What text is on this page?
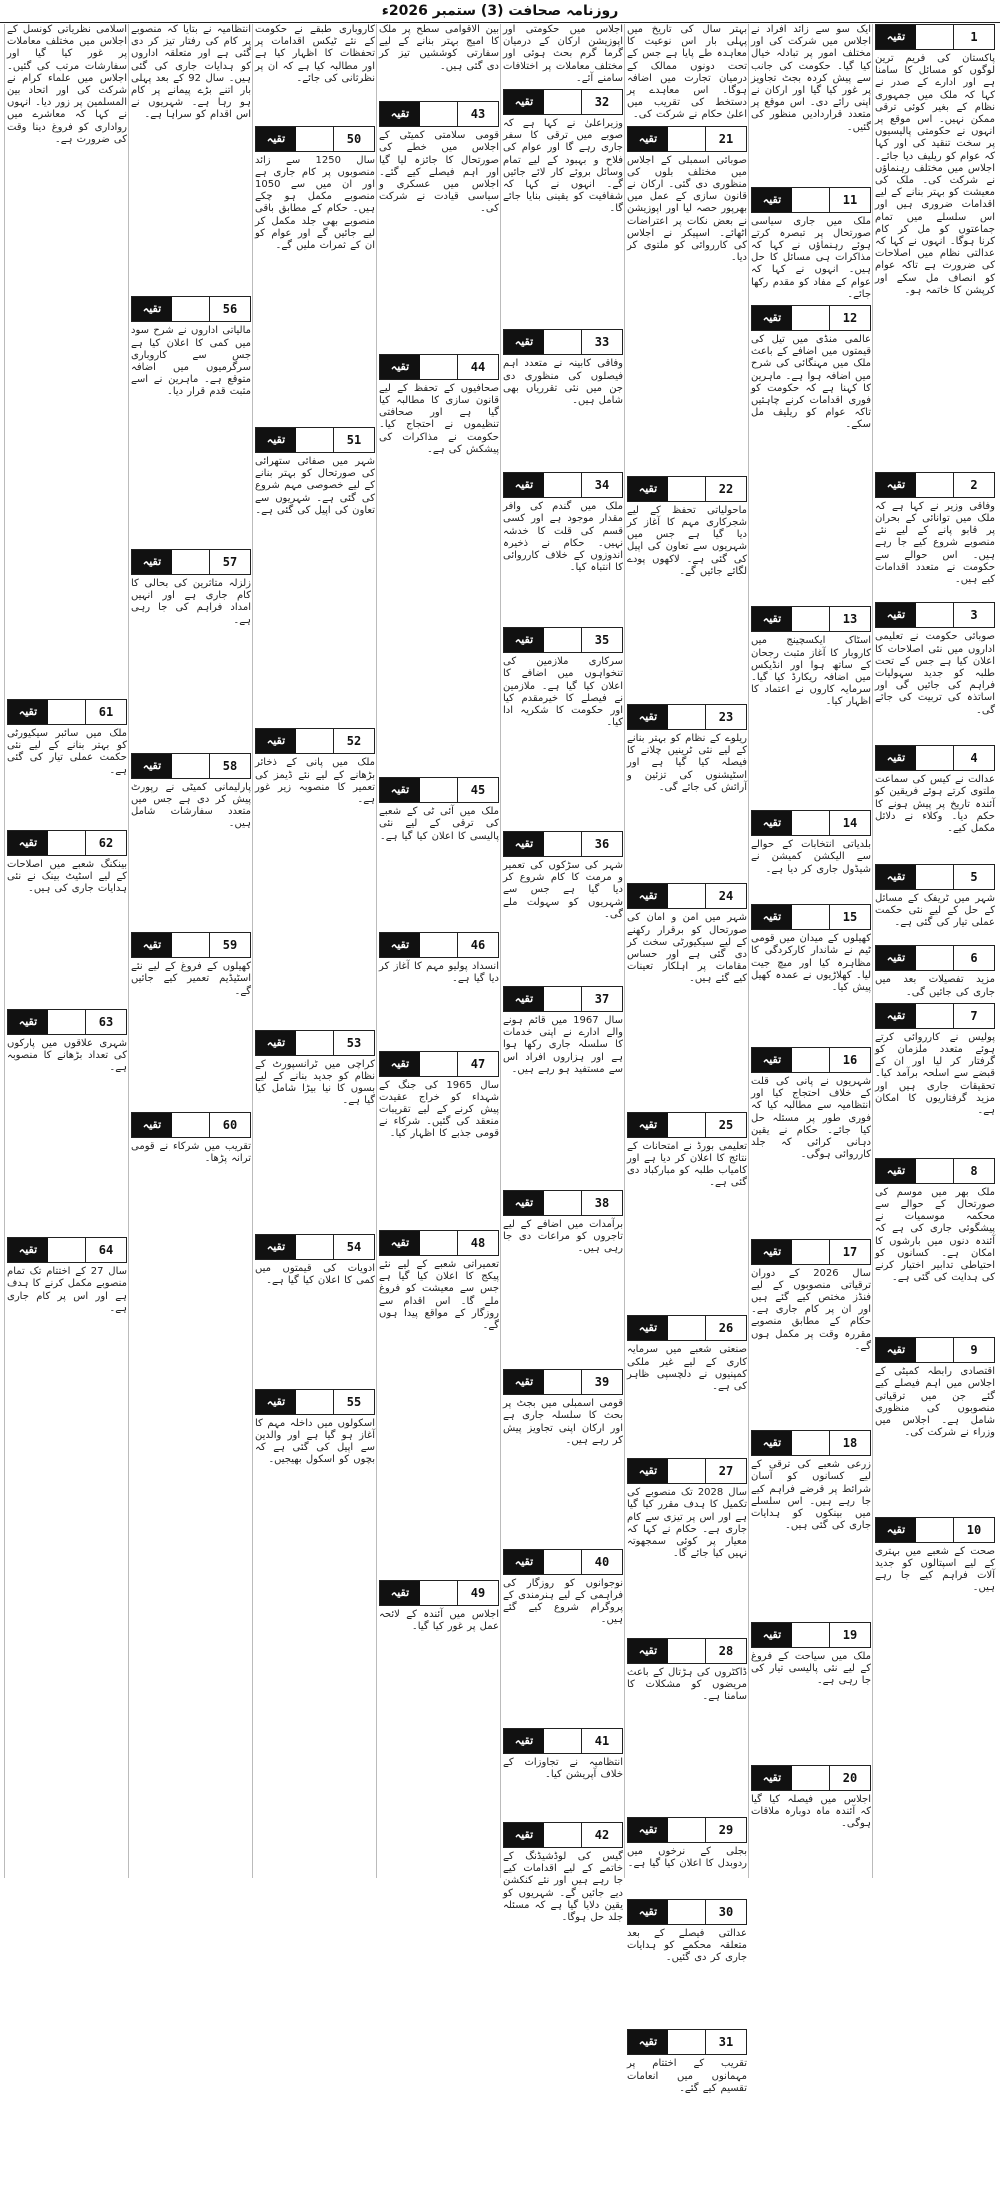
روزنامہ صحافت (3) ستمبر 2026ء
تقیہ	1
پاکستان کی فریم ترین لوگوں کو مسائل کا سامنا ہے اور ادارے کے صدر نے کہا کہ ملک میں جمہوری نظام کے بغیر کوئی ترقی ممکن نہیں۔ اس موقع پر انہوں نے حکومتی پالیسیوں پر سخت تنقید کی اور کہا کہ عوام کو ریلیف دیا جائے۔ اجلاس میں مختلف رہنماؤں نے شرکت کی۔ ملک کی معیشت کو بہتر بنانے کے لیے اقدامات ضروری ہیں اور اس سلسلے میں تمام جماعتوں کو مل کر کام کرنا ہوگا۔ انہوں نے کہا کہ عدالتی نظام میں اصلاحات کی ضرورت ہے تاکہ عوام کو انصاف مل سکے اور کرپشن کا خاتمہ ہو۔
تقیہ	2
وفاقی وزیر نے کہا ہے کہ ملک میں توانائی کے بحران پر قابو پانے کے لیے نئے منصوبے شروع کیے جا رہے ہیں۔ اس حوالے سے حکومت نے متعدد اقدامات کیے ہیں۔
تقیہ	3
صوبائی حکومت نے تعلیمی اداروں میں نئی اصلاحات کا اعلان کیا ہے جس کے تحت طلبہ کو جدید سہولیات فراہم کی جائیں گی اور اساتذہ کی تربیت کی جائے گی۔
تقیہ	4
عدالت نے کیس کی سماعت ملتوی کرتے ہوئے فریقین کو آئندہ تاریخ پر پیش ہونے کا حکم دیا۔ وکلاء نے دلائل مکمل کیے۔
تقیہ	5
شہر میں ٹریفک کے مسائل کے حل کے لیے نئی حکمت عملی تیار کی گئی ہے۔
تقیہ	6
مزید تفصیلات بعد میں جاری کی جائیں گی۔
تقیہ	7
پولیس نے کارروائی کرتے ہوئے متعدد ملزمان کو گرفتار کر لیا اور ان کے قبضے سے اسلحہ برآمد کیا۔ تحقیقات جاری ہیں اور مزید گرفتاریوں کا امکان ہے۔
تقیہ	8
ملک بھر میں موسم کی صورتحال کے حوالے سے محکمہ موسمیات نے پیشگوئی جاری کی ہے کہ آئندہ دنوں میں بارشوں کا امکان ہے۔ کسانوں کو احتیاطی تدابیر اختیار کرنے کی ہدایت کی گئی ہے۔
تقیہ	9
اقتصادی رابطہ کمیٹی کے اجلاس میں اہم فیصلے کیے گئے جن میں ترقیاتی منصوبوں کی منظوری شامل ہے۔ اجلاس میں وزراء نے شرکت کی۔
تقیہ	10
صحت کے شعبے میں بہتری کے لیے اسپتالوں کو جدید آلات فراہم کیے جا رہے ہیں۔
ایک سو سے زائد افراد نے اجلاس میں شرکت کی اور مختلف امور پر تبادلہ خیال کیا گیا۔ حکومت کی جانب سے پیش کردہ بجٹ تجاویز پر غور کیا گیا اور ارکان نے اپنی رائے دی۔ اس موقع پر متعدد قراردادیں منظور کی گئیں۔
تقیہ	11
ملک میں جاری سیاسی صورتحال پر تبصرہ کرتے ہوئے رہنماؤں نے کہا کہ مذاکرات ہی مسائل کا حل ہیں۔ انہوں نے کہا کہ عوام کے مفاد کو مقدم رکھا جائے۔
تقیہ	12
عالمی منڈی میں تیل کی قیمتوں میں اضافے کے باعث ملک میں مہنگائی کی شرح میں اضافہ ہوا ہے۔ ماہرین کا کہنا ہے کہ حکومت کو فوری اقدامات کرنے چاہئیں تاکہ عوام کو ریلیف مل سکے۔
تقیہ	13
اسٹاک ایکسچینج میں کاروبار کا آغاز مثبت رجحان کے ساتھ ہوا اور انڈیکس میں اضافہ ریکارڈ کیا گیا۔ سرمایہ کاروں نے اعتماد کا اظہار کیا۔
تقیہ	14
بلدیاتی انتخابات کے حوالے سے الیکشن کمیشن نے شیڈول جاری کر دیا ہے۔
تقیہ	15
کھیلوں کے میدان میں قومی ٹیم نے شاندار کارکردگی کا مظاہرہ کیا اور میچ جیت لیا۔ کھلاڑیوں نے عمدہ کھیل پیش کیا۔
تقیہ	16
شہریوں نے پانی کی قلت کے خلاف احتجاج کیا اور انتظامیہ سے مطالبہ کیا کہ فوری طور پر مسئلہ حل کیا جائے۔ حکام نے یقین دہانی کرائی کہ جلد کارروائی ہوگی۔
تقیہ	17
سال 2026 کے دوران ترقیاتی منصوبوں کے لیے فنڈز مختص کیے گئے ہیں اور ان پر کام جاری ہے۔ حکام کے مطابق منصوبے مقررہ وقت پر مکمل ہوں گے۔
تقیہ	18
زرعی شعبے کی ترقی کے لیے کسانوں کو آسان شرائط پر قرضے فراہم کیے جا رہے ہیں۔ اس سلسلے میں بینکوں کو ہدایات جاری کی گئی ہیں۔
تقیہ	19
ملک میں سیاحت کے فروغ کے لیے نئی پالیسی تیار کی جا رہی ہے۔
تقیہ	20
اجلاس میں فیصلہ کیا گیا کہ آئندہ ماہ دوبارہ ملاقات ہوگی۔
بہتر سال کی تاریخ میں پہلی بار اس نوعیت کا معاہدہ طے پایا ہے جس کے تحت دونوں ممالک کے درمیان تجارت میں اضافہ ہوگا۔ اس معاہدے پر دستخط کی تقریب میں اعلیٰ حکام نے شرکت کی۔
تقیہ	21
صوبائی اسمبلی کے اجلاس میں مختلف بلوں کی منظوری دی گئی۔ ارکان نے قانون سازی کے عمل میں بھرپور حصہ لیا اور اپوزیشن نے بعض نکات پر اعتراضات اٹھائے۔ اسپیکر نے اجلاس کی کارروائی کو ملتوی کر دیا۔
تقیہ	22
ماحولیاتی تحفظ کے لیے شجرکاری مہم کا آغاز کر دیا گیا ہے جس میں شہریوں سے تعاون کی اپیل کی گئی ہے۔ لاکھوں پودے لگائے جائیں گے۔
تقیہ	23
ریلوے کے نظام کو بہتر بنانے کے لیے نئی ٹرینیں چلانے کا فیصلہ کیا گیا ہے اور اسٹیشنوں کی تزئین و آرائش کی جائے گی۔
تقیہ	24
شہر میں امن و امان کی صورتحال کو برقرار رکھنے کے لیے سیکیورٹی سخت کر دی گئی ہے اور حساس مقامات پر اہلکار تعینات کیے گئے ہیں۔
تقیہ	25
تعلیمی بورڈ نے امتحانات کے نتائج کا اعلان کر دیا ہے اور کامیاب طلبہ کو مبارکباد دی گئی ہے۔
تقیہ	26
صنعتی شعبے میں سرمایہ کاری کے لیے غیر ملکی کمپنیوں نے دلچسپی ظاہر کی ہے۔
تقیہ	27
سال 2028 تک منصوبے کی تکمیل کا ہدف مقرر کیا گیا ہے اور اس پر تیزی سے کام جاری ہے۔ حکام نے کہا کہ معیار پر کوئی سمجھوتہ نہیں کیا جائے گا۔
تقیہ	28
ڈاکٹروں کی ہڑتال کے باعث مریضوں کو مشکلات کا سامنا ہے۔
تقیہ	29
بجلی کے نرخوں میں ردوبدل کا اعلان کیا گیا ہے۔
تقیہ	30
عدالتی فیصلے کے بعد متعلقہ محکمے کو ہدایات جاری کر دی گئیں۔
تقیہ	31
تقریب کے اختتام پر مہمانوں میں انعامات تقسیم کیے گئے۔
اجلاس میں حکومتی اور اپوزیشن ارکان کے درمیان گرما گرم بحث ہوئی اور مختلف معاملات پر اختلافات سامنے آئے۔
تقیہ	32
وزیراعلیٰ نے کہا ہے کہ صوبے میں ترقی کا سفر جاری رہے گا اور عوام کی فلاح و بہبود کے لیے تمام وسائل بروئے کار لائے جائیں گے۔ انہوں نے کہا کہ شفافیت کو یقینی بنایا جائے گا۔
تقیہ	33
وفاقی کابینہ نے متعدد اہم فیصلوں کی منظوری دی جن میں نئی تقرریاں بھی شامل ہیں۔
تقیہ	34
ملک میں گندم کی وافر مقدار موجود ہے اور کسی قسم کی قلت کا خدشہ نہیں۔ حکام نے ذخیرہ اندوزوں کے خلاف کارروائی کا انتباہ کیا۔
تقیہ	35
سرکاری ملازمین کی تنخواہوں میں اضافے کا اعلان کیا گیا ہے۔ ملازمین نے فیصلے کا خیرمقدم کیا اور حکومت کا شکریہ ادا کیا۔
تقیہ	36
شہر کی سڑکوں کی تعمیر و مرمت کا کام شروع کر دیا گیا ہے جس سے شہریوں کو سہولت ملے گی۔
تقیہ	37
سال 1967 میں قائم ہونے والے ادارے نے اپنی خدمات کا سلسلہ جاری رکھا ہوا ہے اور ہزاروں افراد اس سے مستفید ہو رہے ہیں۔
تقیہ	38
برآمدات میں اضافے کے لیے تاجروں کو مراعات دی جا رہی ہیں۔
تقیہ	39
قومی اسمبلی میں بجٹ پر بحث کا سلسلہ جاری ہے اور ارکان اپنی تجاویز پیش کر رہے ہیں۔
تقیہ	40
نوجوانوں کو روزگار کی فراہمی کے لیے ہنرمندی کے پروگرام شروع کیے گئے ہیں۔
تقیہ	41
انتظامیہ نے تجاوزات کے خلاف آپریشن کیا۔
تقیہ	42
گیس کی لوڈشیڈنگ کے خاتمے کے لیے اقدامات کیے جا رہے ہیں اور نئے کنکشن دیے جائیں گے۔ شہریوں کو یقین دلایا گیا ہے کہ مسئلہ جلد حل ہوگا۔
بین الاقوامی سطح پر ملک کا امیج بہتر بنانے کے لیے سفارتی کوششیں تیز کر دی گئی ہیں۔
تقیہ	43
قومی سلامتی کمیٹی کے اجلاس میں خطے کی صورتحال کا جائزہ لیا گیا اور اہم فیصلے کیے گئے۔ اجلاس میں عسکری و سیاسی قیادت نے شرکت کی۔
تقیہ	44
صحافیوں کے تحفظ کے لیے قانون سازی کا مطالبہ کیا گیا ہے اور صحافتی تنظیموں نے احتجاج کیا۔ حکومت نے مذاکرات کی پیشکش کی ہے۔
تقیہ	45
ملک میں آئی ٹی کے شعبے کی ترقی کے لیے نئی پالیسی کا اعلان کیا گیا ہے۔
تقیہ	46
انسداد پولیو مہم کا آغاز کر دیا گیا ہے۔
تقیہ	47
سال 1965 کی جنگ کے شہداء کو خراج عقیدت پیش کرنے کے لیے تقریبات منعقد کی گئیں۔ شرکاء نے قومی جذبے کا اظہار کیا۔
تقیہ	48
تعمیراتی شعبے کے لیے نئے پیکج کا اعلان کیا گیا ہے جس سے معیشت کو فروغ ملے گا۔ اس اقدام سے روزگار کے مواقع پیدا ہوں گے۔
تقیہ	49
اجلاس میں آئندہ کے لائحہ عمل پر غور کیا گیا۔
کاروباری طبقے نے حکومت کے نئے ٹیکس اقدامات پر تحفظات کا اظہار کیا ہے اور مطالبہ کیا ہے کہ ان پر نظرثانی کی جائے۔
تقیہ	50
سال 1250 سے زائد منصوبوں پر کام جاری ہے اور ان میں سے 1050 منصوبے مکمل ہو چکے ہیں۔ حکام کے مطابق باقی منصوبے بھی جلد مکمل کر لیے جائیں گے اور عوام کو ان کے ثمرات ملیں گے۔
تقیہ	51
شہر میں صفائی ستھرائی کی صورتحال کو بہتر بنانے کے لیے خصوصی مہم شروع کی گئی ہے۔ شہریوں سے تعاون کی اپیل کی گئی ہے۔
تقیہ	52
ملک میں پانی کے ذخائر بڑھانے کے لیے نئے ڈیمز کی تعمیر کا منصوبہ زیر غور ہے۔
تقیہ	53
کراچی میں ٹرانسپورٹ کے نظام کو جدید بنانے کے لیے بسوں کا نیا بیڑا شامل کیا گیا ہے۔
تقیہ	54
ادویات کی قیمتوں میں کمی کا اعلان کیا گیا ہے۔
تقیہ	55
اسکولوں میں داخلہ مہم کا آغاز ہو گیا ہے اور والدین سے اپیل کی گئی ہے کہ بچوں کو اسکول بھیجیں۔
انتظامیہ نے بتایا کہ منصوبے پر کام کی رفتار تیز کر دی گئی ہے اور متعلقہ اداروں کو ہدایات جاری کی گئی ہیں۔ سال 92 کے بعد پہلی بار اتنے بڑے پیمانے پر کام ہو رہا ہے۔ شہریوں نے اس اقدام کو سراہا ہے۔
تقیہ	56
مالیاتی اداروں نے شرح سود میں کمی کا اعلان کیا ہے جس سے کاروباری سرگرمیوں میں اضافہ متوقع ہے۔ ماہرین نے اسے مثبت قدم قرار دیا۔
تقیہ	57
زلزلہ متاثرین کی بحالی کا کام جاری ہے اور انہیں امداد فراہم کی جا رہی ہے۔
تقیہ	58
پارلیمانی کمیٹی نے رپورٹ پیش کر دی ہے جس میں متعدد سفارشات شامل ہیں۔
تقیہ	59
کھیلوں کے فروغ کے لیے نئے اسٹیڈیم تعمیر کیے جائیں گے۔
تقیہ	60
تقریب میں شرکاء نے قومی ترانہ پڑھا۔
اسلامی نظریاتی کونسل کے اجلاس میں مختلف معاملات پر غور کیا گیا اور سفارشات مرتب کی گئیں۔ اجلاس میں علماء کرام نے شرکت کی اور اتحاد بین المسلمین پر زور دیا۔ انہوں نے کہا کہ معاشرے میں رواداری کو فروغ دینا وقت کی ضرورت ہے۔
تقیہ	61
ملک میں سائبر سیکیورٹی کو بہتر بنانے کے لیے نئی حکمت عملی تیار کی گئی ہے۔
تقیہ	62
بینکنگ شعبے میں اصلاحات کے لیے اسٹیٹ بینک نے نئی ہدایات جاری کی ہیں۔
تقیہ	63
شہری علاقوں میں پارکوں کی تعداد بڑھانے کا منصوبہ ہے۔
تقیہ	64
سال 27 کے اختتام تک تمام منصوبے مکمل کرنے کا ہدف ہے اور اس پر کام جاری ہے۔
